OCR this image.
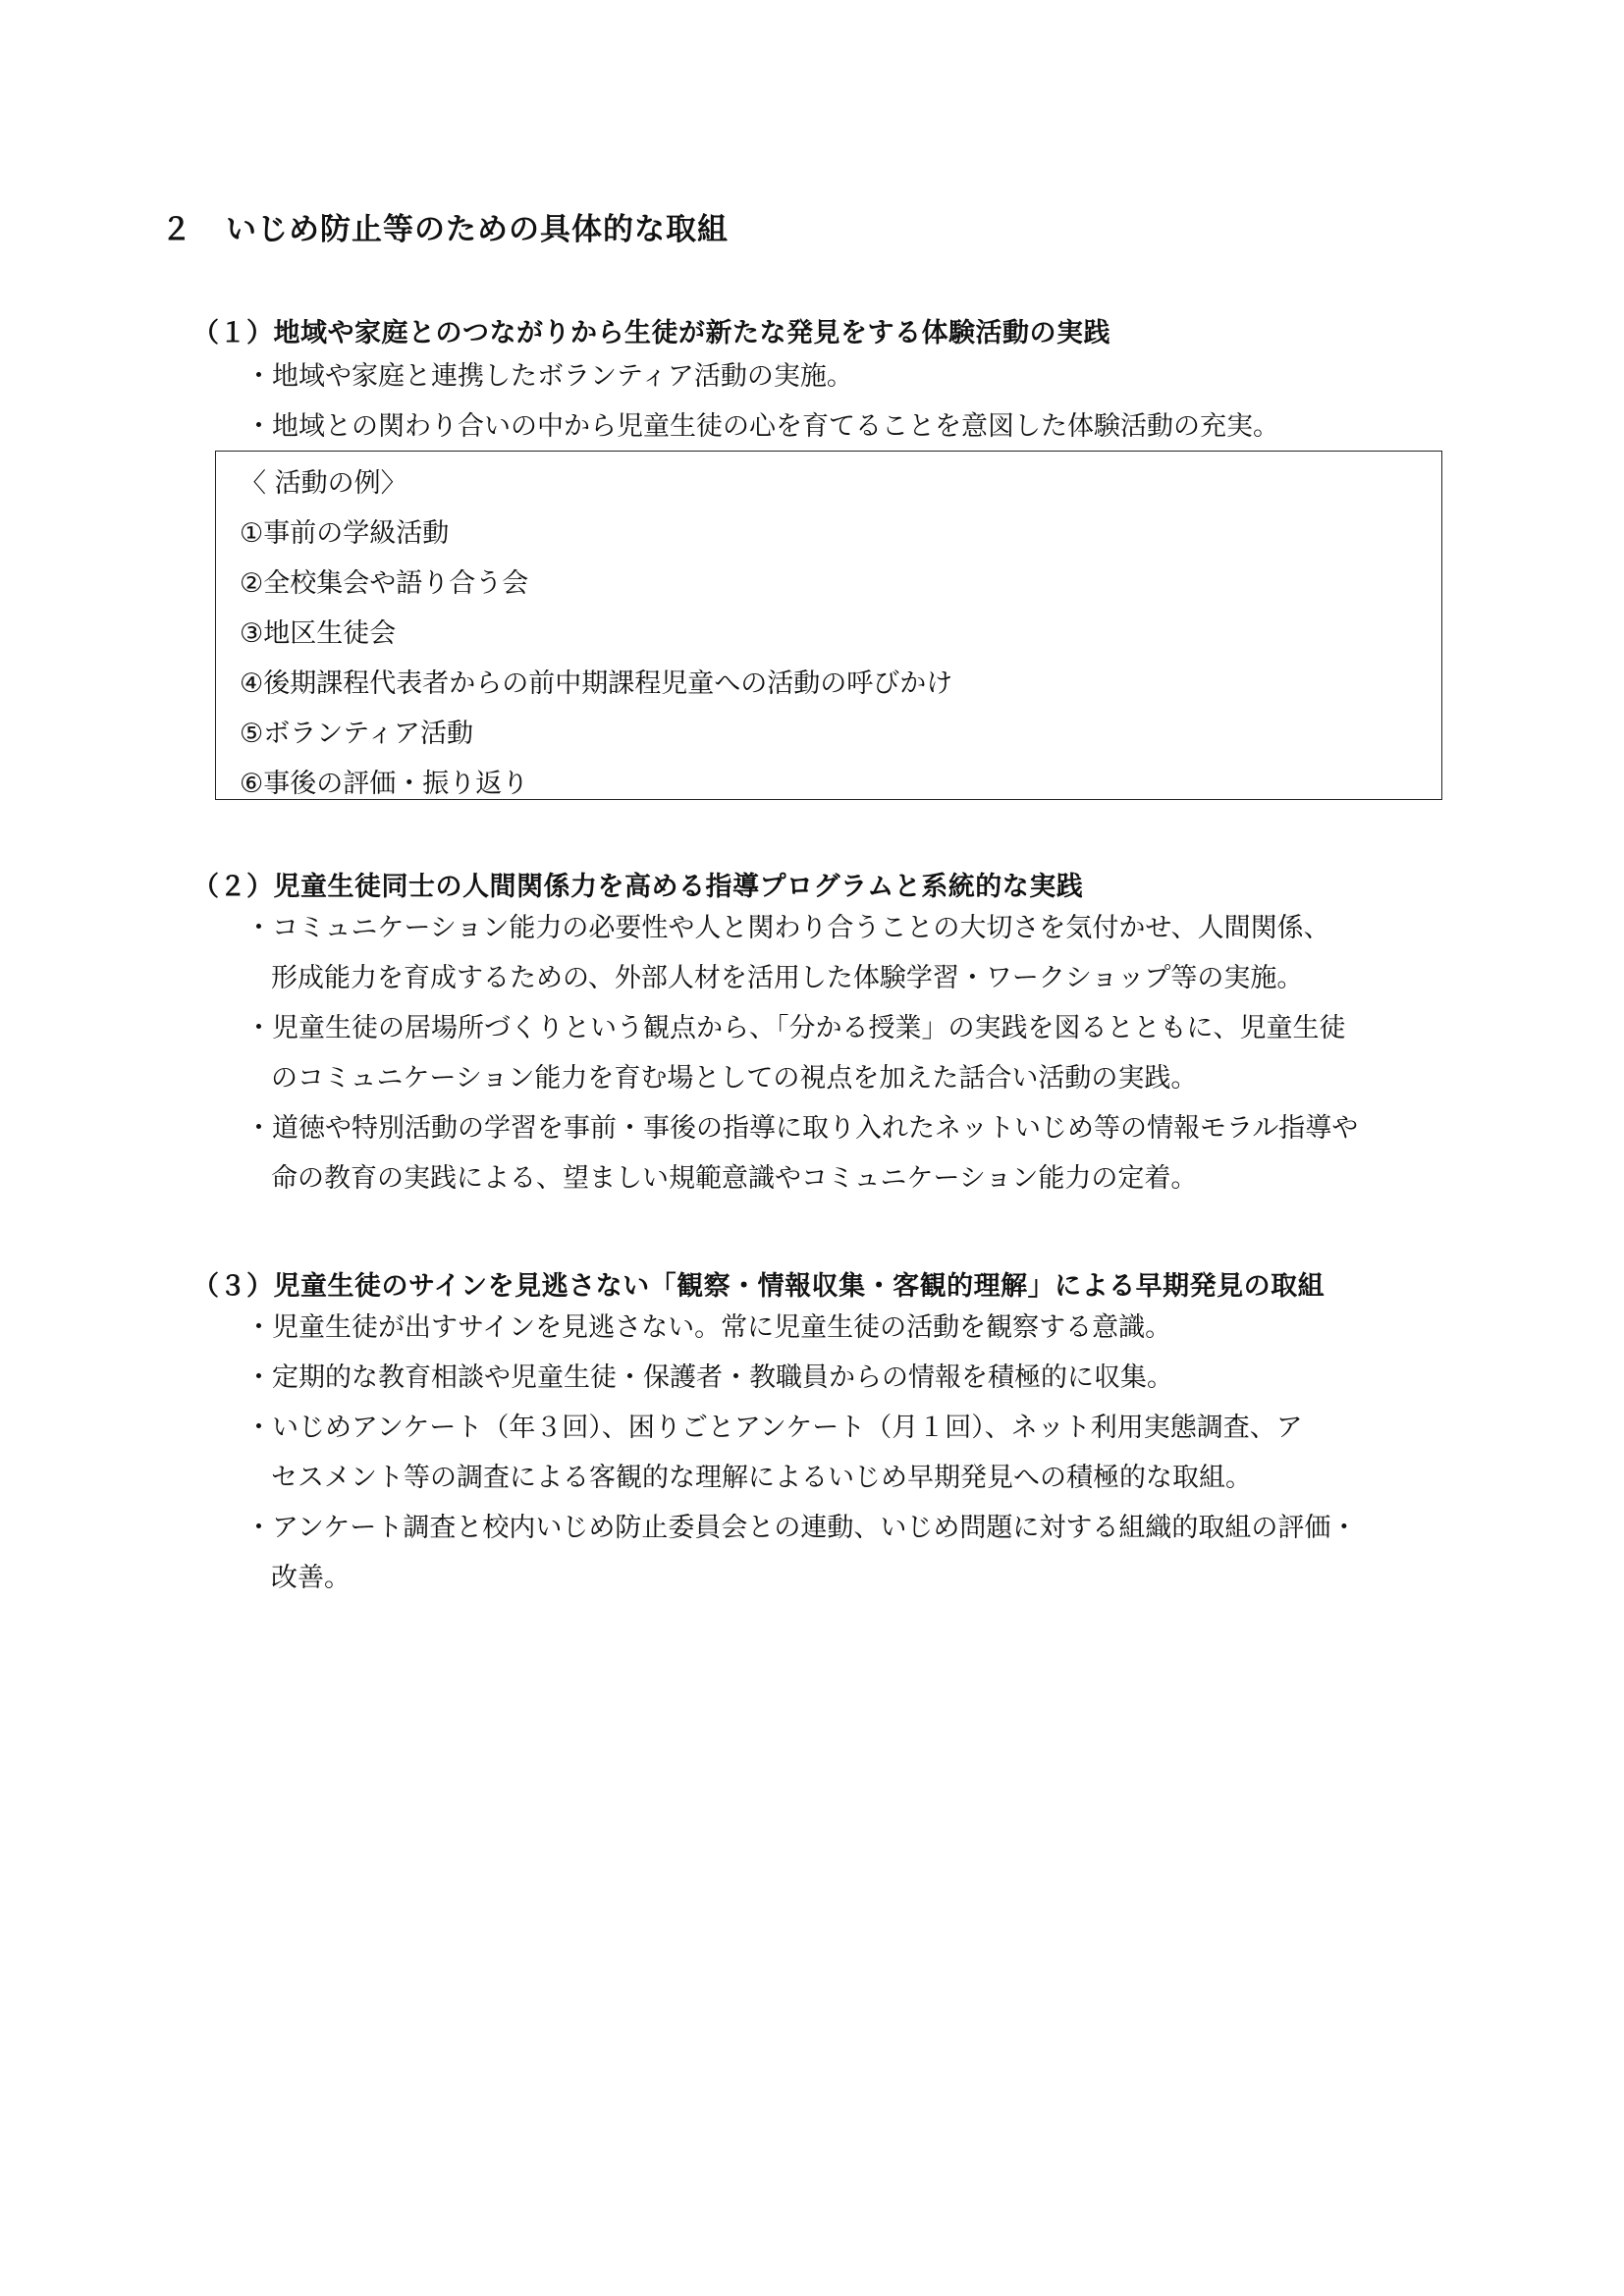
２ いじめ防止等のための具体的な取組
（１）地域や家庭とのつながりから生徒が新たな発見をする体験活動の実践
・地域や家庭と連携したボランティア活動の実施。
・地域との関わり合いの中から児童生徒の心を育てることを意図した体験活動の充実。
〈 活動の例〉
①事前の学級活動
②全校集会や語り合う会
③地区生徒会
④後期課程代表者からの前中期課程児童への活動の呼びかけ
⑤ボランティア活動
⑥事後の評価・振り返り
（２）児童生徒同士の人間関係力を高める指導プログラムと系統的な実践
・コミュニケーション能力の必要性や人と関わり合うことの大切さを気付かせ、人間関係、
形成能力を育成するための、外部人材を活用した体験学習・ワークショップ等の実施。
・児童生徒の居場所づくりという観点から、「分かる授業」の実践を図るとともに、児童生徒
のコミュニケーション能力を育む場としての視点を加えた話合い活動の実践。
・道徳や特別活動の学習を事前・事後の指導に取り入れたネットいじめ等の情報モラル指導や
命の教育の実践による、望ましい規範意識やコミュニケーション能力の定着。
（３）児童生徒のサインを見逃さない「観察・情報収集・客観的理解」による早期発見の取組
・児童生徒が出すサインを見逃さない。常に児童生徒の活動を観察する意識。
・定期的な教育相談や児童生徒・保護者・教職員からの情報を積極的に収集。
・いじめアンケート（年３回）、困りごとアンケート（月１回）、ネット利用実態調査、ア
セスメント等の調査による客観的な理解によるいじめ早期発見への積極的な取組。
・アンケート調査と校内いじめ防止委員会との連動、いじめ問題に対する組織的取組の評価・
改善。
